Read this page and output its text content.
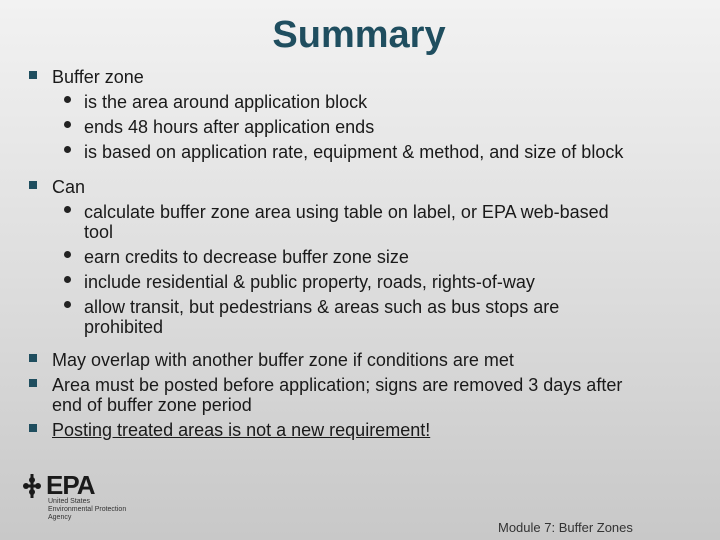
Summary
Buffer zone
is the area around application block
ends 48 hours after application ends
is based on application rate, equipment & method, and size of block
Can
calculate buffer zone area using table on label, or EPA web-based
tool
earn credits to decrease buffer zone size
include residential & public property, roads, rights-of-way
allow transit, but pedestrians & areas such as bus stops are
prohibited
May overlap with another buffer zone if conditions are met
Area must be posted before application; signs are removed 3 days after
end of buffer zone period
Posting treated areas is not a new requirement!
EPA
United States
Environmental Protection
Agency
Module 7: Buffer Zones
